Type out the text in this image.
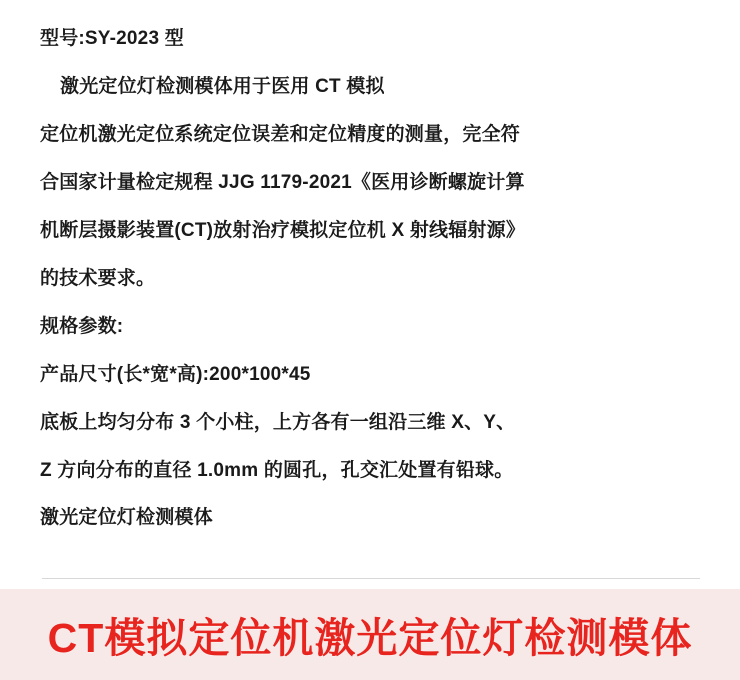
型号:SY-2023 型

激光定位灯检测模体用于医用 CT 模拟

定位机激光定位系统定位误差和定位精度的测量，完全符

合国家计量检定规程 JJG 1179-2021《医用诊断螺旋计算

机断层摄影装置(CT)放射治疗模拟定位机 X 射线辐射源》

的技术要求。

规格参数:

产品尺寸(长*宽*高):200*100*45

底板上均匀分布 3 个小柱，上方各有一组沿三维 X、Y、

Z 方向分布的直径 1.0mm 的圆孔，孔交汇处置有铅球。

激光定位灯检测模体

CT模拟定位机激光定位灯检测模体
